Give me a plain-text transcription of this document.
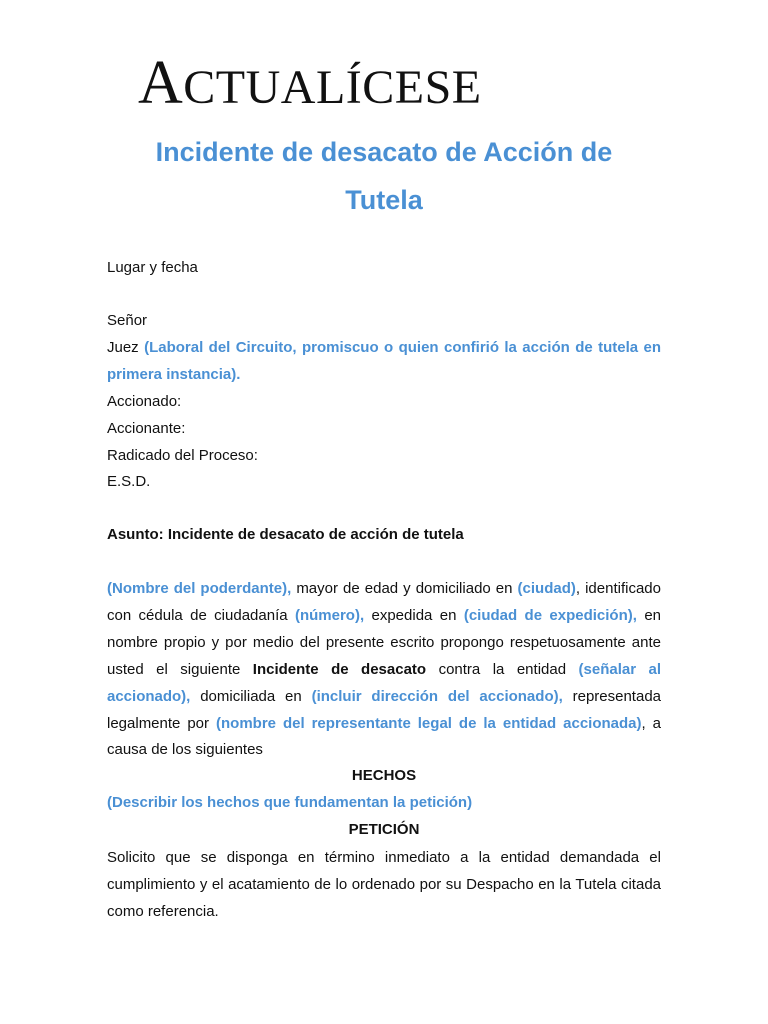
ACTUALÍCESE
Incidente de desacato de Acción de
Tutela
Lugar y fecha
Señor
Juez (Laboral del Circuito, promiscuo o quien confirió la acción de tutela en
primera instancia).
Accionado:
Accionante:
Radicado del Proceso:
E.S.D.
Asunto: Incidente de desacato de acción de tutela
(Nombre del poderdante), mayor de edad y domiciliado en (ciudad), identificado
con cédula de ciudadanía (número), expedida en (ciudad de expedición), en
nombre propio y por medio del presente escrito propongo respetuosamente ante
usted el siguiente Incidente de desacato contra la entidad (señalar al
accionado), domiciliada en (incluir dirección del accionado), representada
legalmente por (nombre del representante legal de la entidad accionada), a
causa de los siguientes
HECHOS
(Describir los hechos que fundamentan la petición)
PETICIÓN
Solicito que se disponga en término inmediato a la entidad demandada el
cumplimiento y el acatamiento de lo ordenado por su Despacho en la Tutela citada
como referencia.
